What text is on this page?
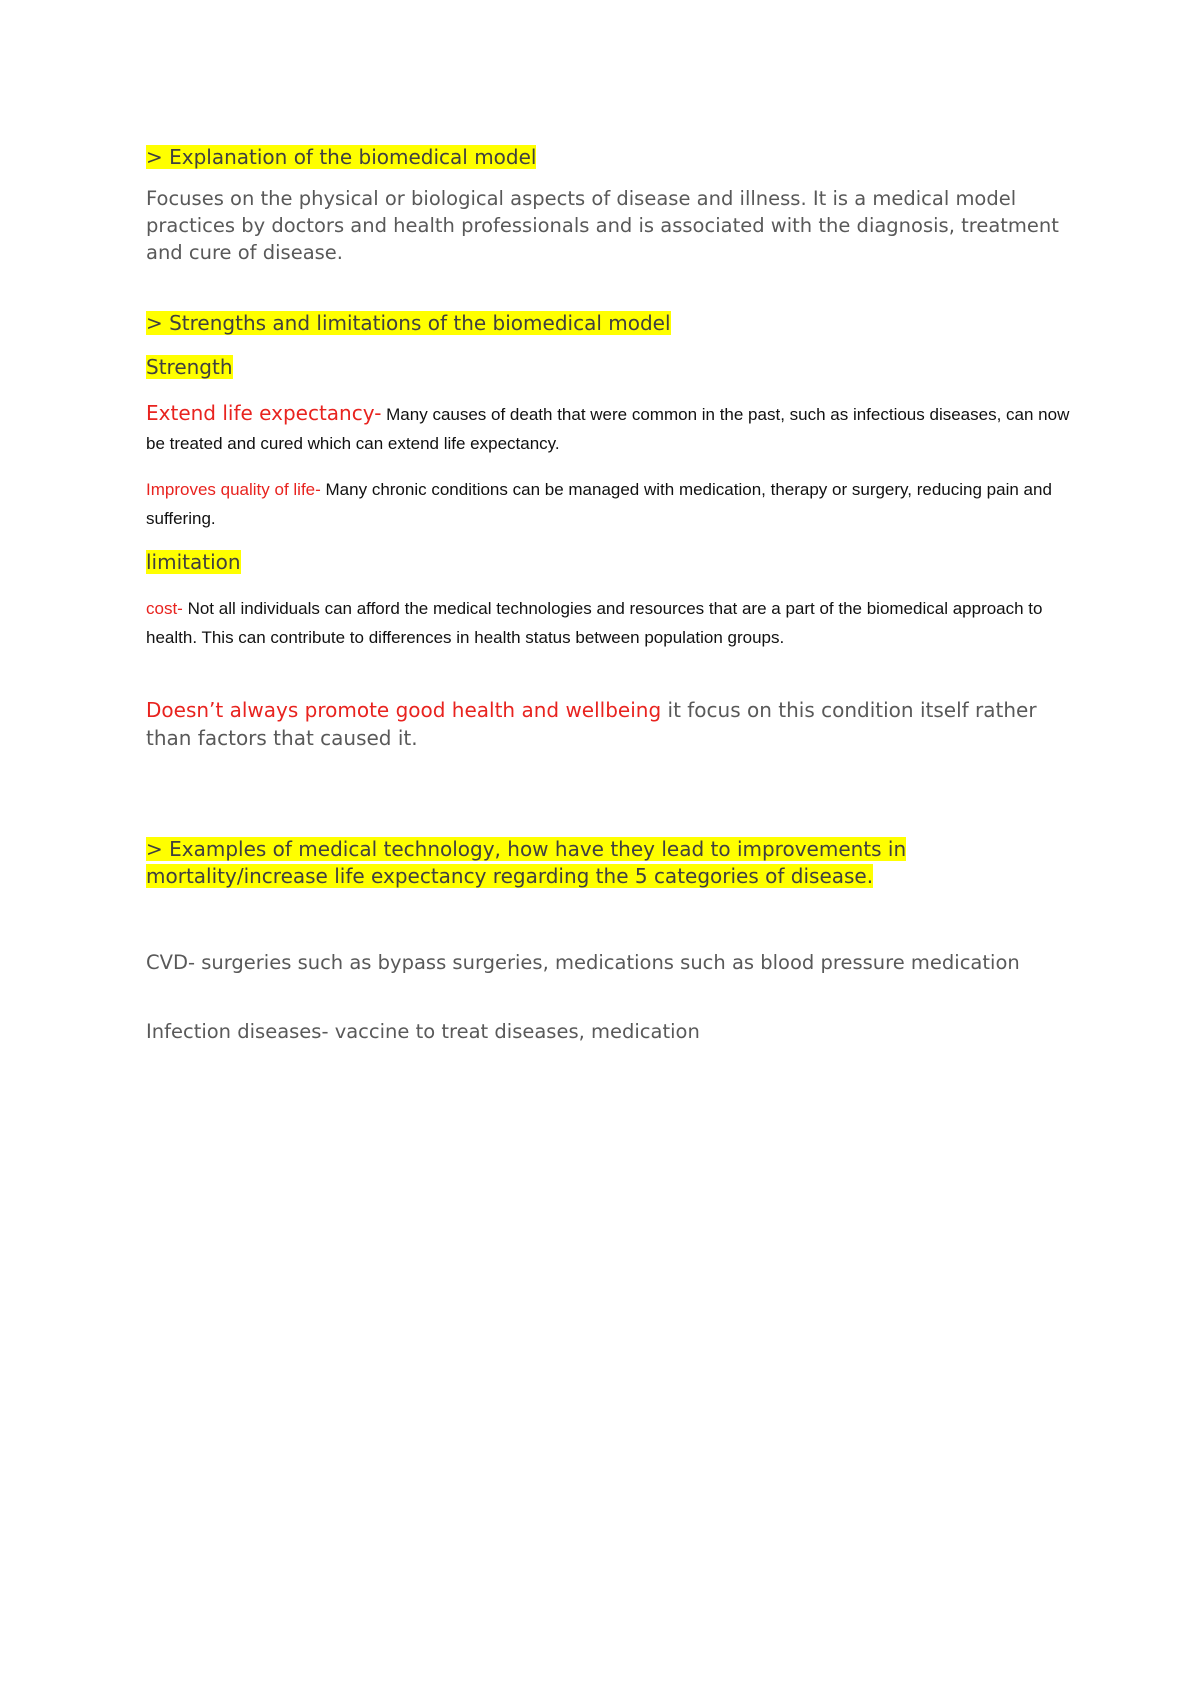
> Explanation of the biomedical model

Focuses on the physical or biological aspects of disease and illness. It is a medical model practices by doctors and health professionals and is associated with the diagnosis, treatment and cure of disease.

> Strengths and limitations of the biomedical model

Strength

Extend life expectancy- Many causes of death that were common in the past, such as infectious diseases, can now be treated and cured which can extend life expectancy.

Improves quality of life- Many chronic conditions can be managed with medication, therapy or surgery, reducing pain and suffering.

limitation

cost- Not all individuals can afford the medical technologies and resources that are a part of the biomedical approach to health. This can contribute to differences in health status between population groups.

Doesn’t always promote good health and wellbeing it focus on this condition itself rather than factors that caused it.

> Examples of medical technology, how have they lead to improvements in mortality/increase life expectancy regarding the 5 categories of disease.

CVD- surgeries such as bypass surgeries, medications such as blood pressure medication

Infection diseases- vaccine to treat diseases, medication
